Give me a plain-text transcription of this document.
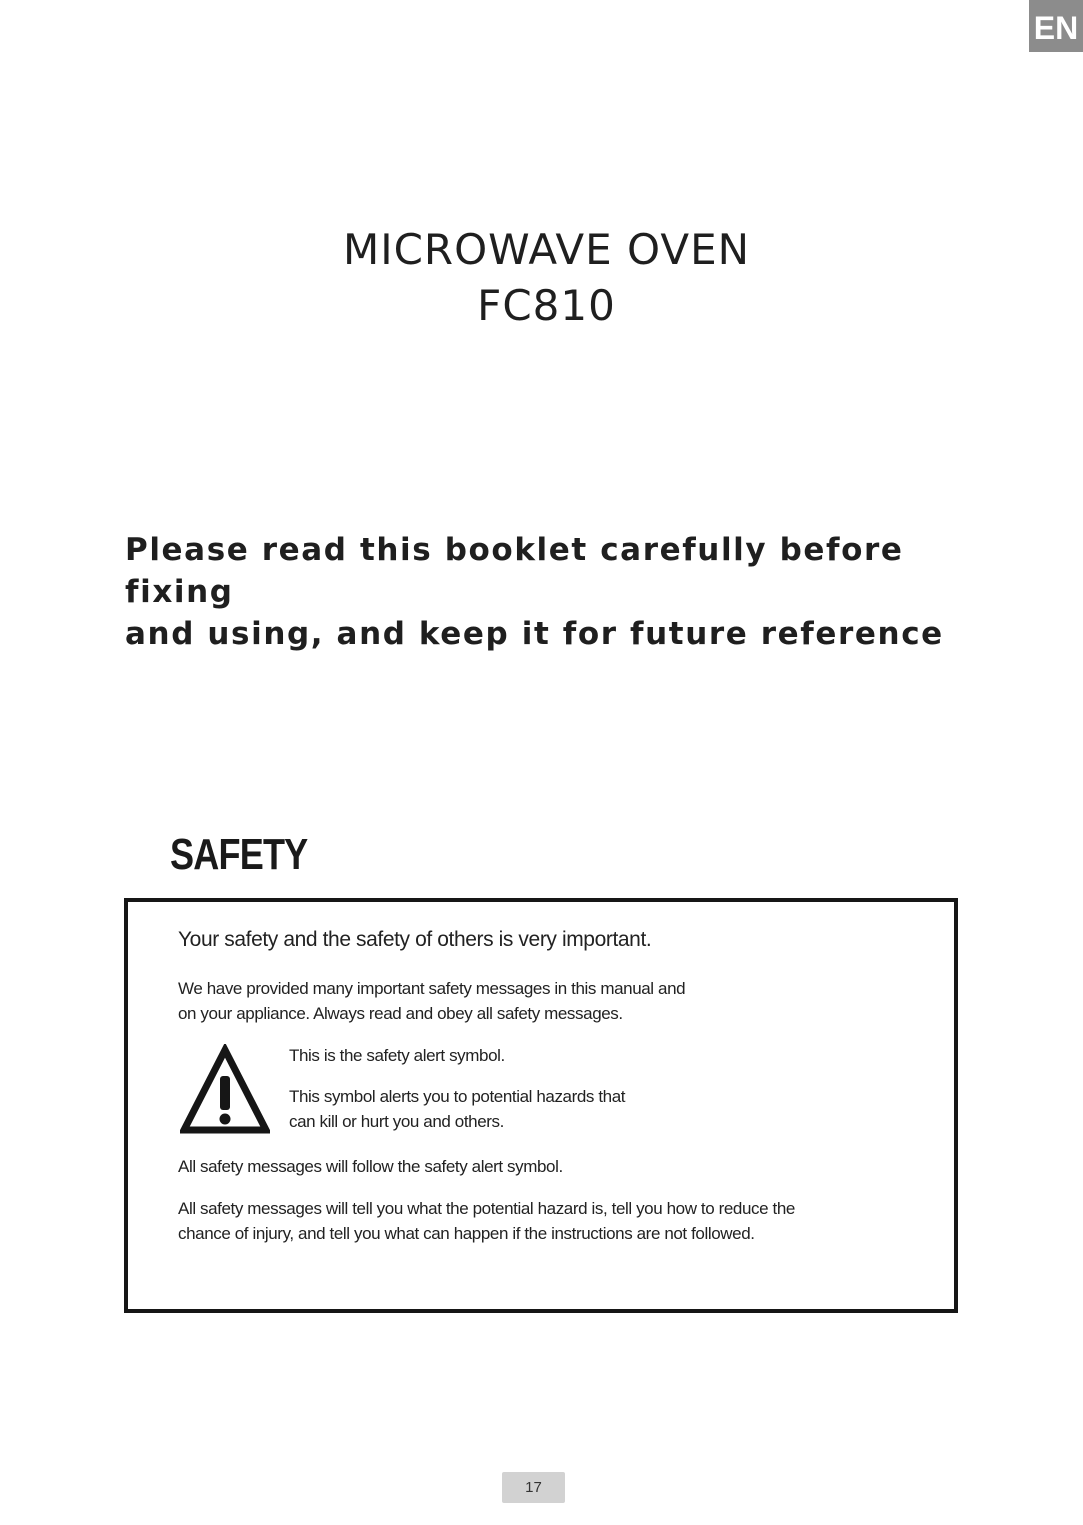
EN
MICROWAVE OVEN
FC810
Please read this booklet carefully before fixing
and using, and keep it for future reference
SAFETY

Your safety and the safety of others is very important.

We have provided many important safety messages in this manual and

on your appliance. Always read and obey all safety messages.

This is the safety alert symbol.

This symbol alerts you to potential hazards that

can kill or hurt you and others.

All safety messages will follow the safety alert symbol.

All safety messages will tell you what the potential hazard is, tell you how to reduce the

chance of injury, and tell you what can happen if the instructions are not followed.

17
